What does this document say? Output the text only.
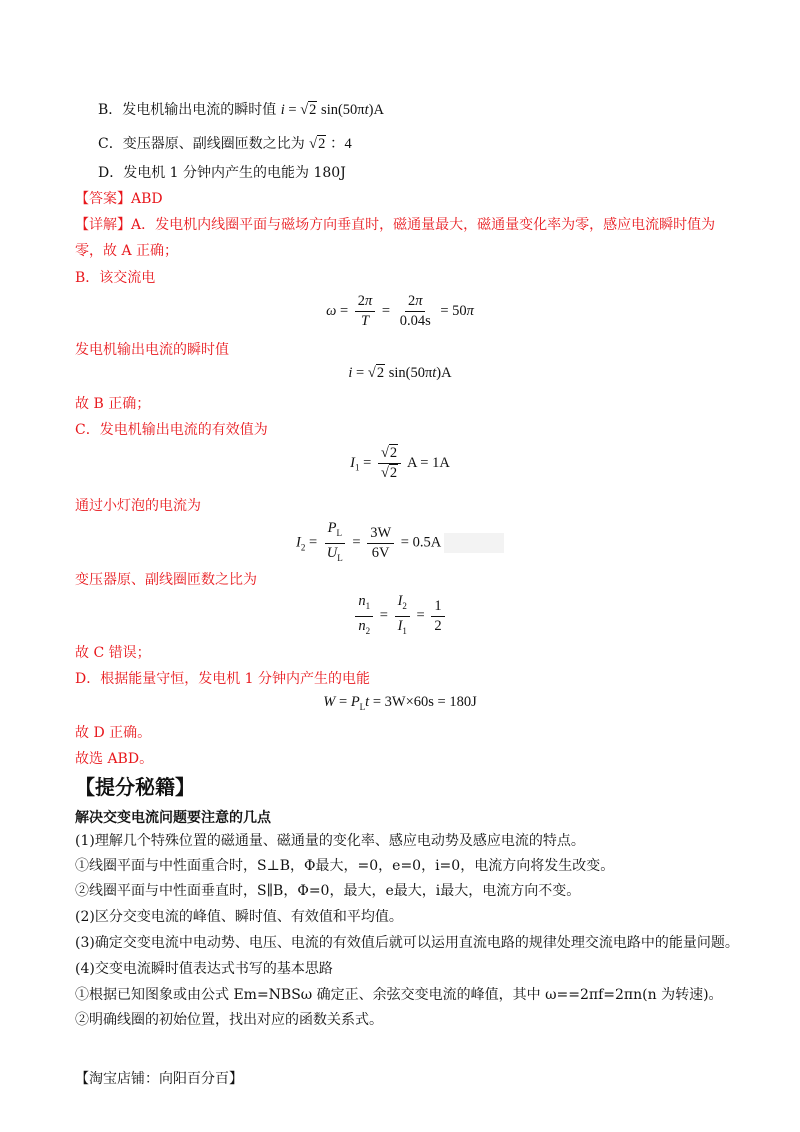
B．发电机输出电流的瞬时值 i = √2 sin(50πt)A
C．变压器原、副线圈匝数之比为 √2 ：4
D．发电机 1 分钟内产生的电能为 180J
【答案】ABD
【详解】A．发电机内线圈平面与磁场方向垂直时，磁通量最大，磁通量变化率为零，感应电流瞬时值为
零，故 A 正确；
B．该交流电
$\omega = \frac{2\pi}{T} = \frac{2\pi}{0.04s} = 50\pi$
发电机输出电流的瞬时值
i = √2 sin(50πt)A
故 B 正确；
C．发电机输出电流的有效值为
$I_1 = \frac{√2}{√2}$ A = 1A
通过小灯泡的电流为
$I_2 = \frac{P_L}{U_L} = \frac{3W}{6V} = 0.5A$
变压器原、副线圈匝数之比为
$\frac{n_1}{n_2} = \frac{I_2}{I_1} = \frac{1}{2}$
故 C 错误；
D．根据能量守恒，发电机 1 分钟内产生的电能
$W = P_Lt = 3W\times 60s = 180J$
故 D 正确。
故选 ABD。
【提分秘籍】
解决交变电流问题要注意的几点
(1)理解几个特殊位置的磁通量、磁通量的变化率、感应电动势及感应电流的特点。
①线圈平面与中性面重合时，S⊥B，Φ最大，=0，e=0，i=0，电流方向将发生改变。
②线圈平面与中性面垂直时，S∥B，Φ=0，最大，e最大，i最大，电流方向不变。
(2)区分交变电流的峰值、瞬时值、有效值和平均值。
(3)确定交变电流中电动势、电压、电流的有效值后就可以运用直流电路的规律处理交流电路中的能量问题。
(4)交变电流瞬时值表达式书写的基本思路
①根据已知图象或由公式 Em=NBSω 确定正、余弦交变电流的峰值，其中 ω==2πf=2πn(n 为转速)。
②明确线圈的初始位置，找出对应的函数关系式。
【淘宝店铺：向阳百分百】
